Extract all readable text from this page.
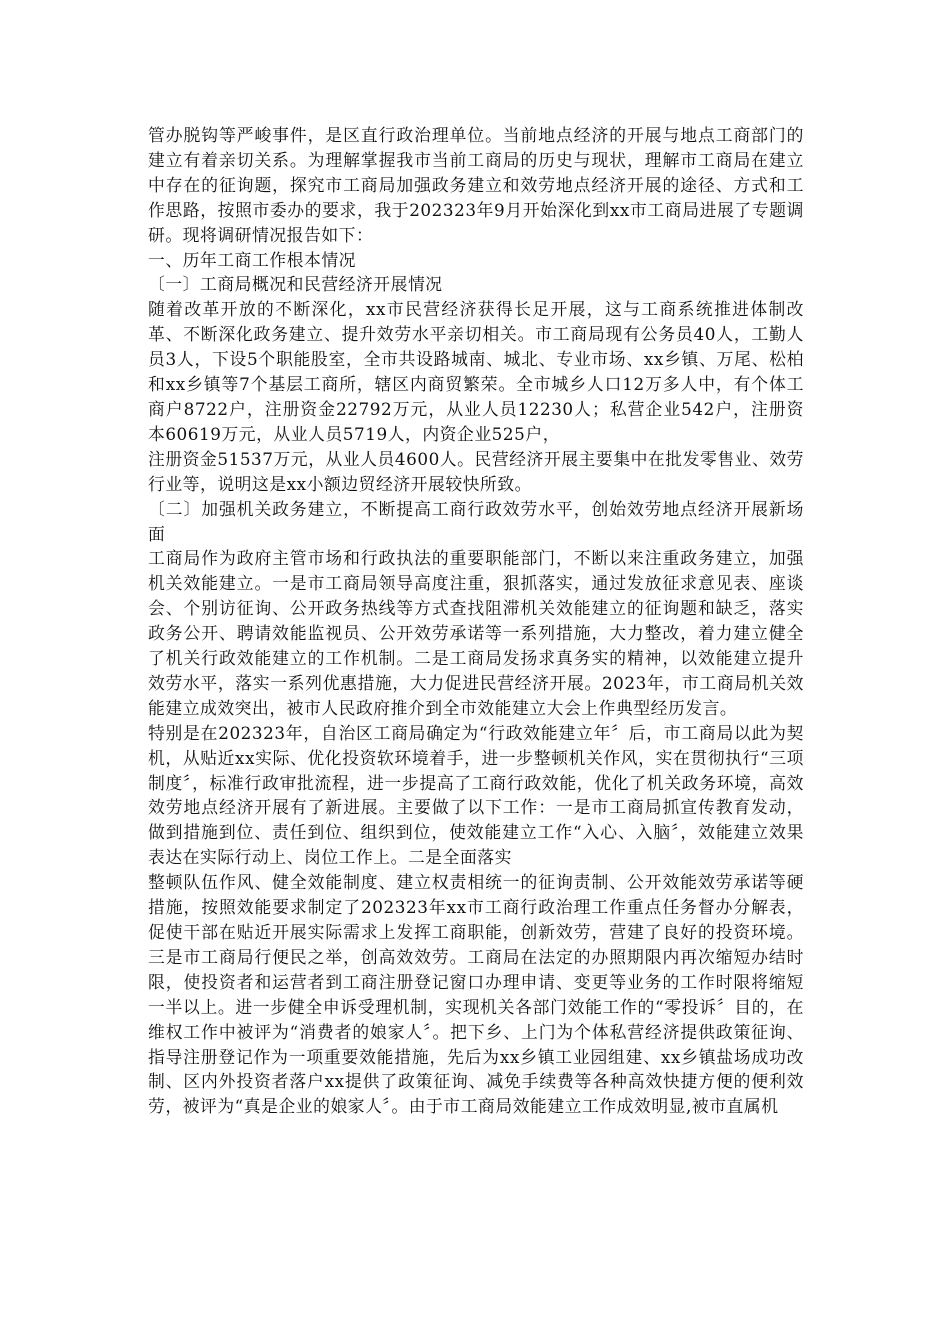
管办脱钩等严峻事件，是区直行政治理单位。当前地点经济的开展与地点工商部门的建立有着亲切关系。为理解掌握我市当前工商局的历史与现状，理解市工商局在建立中存在的征询题，探究市工商局加强政务建立和效劳地点经济开展的途径、方式和工作思路，按照市委办的要求，我于202323年9月开始深化到xx市工商局进展了专题调研。现将调研情况报告如下：

一、历年工商工作根本情况

〔一〕工商局概况和民营经济开展情况

随着改革开放的不断深化，xx市民营经济获得长足开展，这与工商系统推进体制改革、不断深化政务建立、提升效劳水平亲切相关。市工商局现有公务员40人，工勤人员3人，下设5个职能股室，全市共设路城南、城北、专业市场、xx乡镇、万尾、松柏和xx乡镇等7个基层工商所，辖区内商贸繁荣。全市城乡人口12万多人中，有个体工商户8722户，注册资金22792万元，从业人员12230人；私营企业542户，注册资本60619万元，从业人员5719人，内资企业525户，

注册资金51537万元，从业人员4600人。民营经济开展主要集中在批发零售业、效劳行业等，说明这是xx小额边贸经济开展较快所致。

〔二〕加强机关政务建立，不断提高工商行政效劳水平，创始效劳地点经济开展新场面

工商局作为政府主管市场和行政执法的重要职能部门，不断以来注重政务建立，加强机关效能建立。一是市工商局领导高度注重，狠抓落实，通过发放征求意见表、座谈会、个别访征询、公开政务热线等方式查找阻滞机关效能建立的征询题和缺乏，落实政务公开、聘请效能监视员、公开效劳承诺等一系列措施，大力整改，着力建立健全了机关行政效能建立的工作机制。二是工商局发扬求真务实的精神，以效能建立提升效劳水平，落实一系列优惠措施，大力促进民营经济开展。2023年，市工商局机关效能建立成效突出，被市人民政府推介到全市效能建立大会上作典型经历发言。

特别是在202323年，自治区工商局确定为“行政效能建立年〞后，市工商局以此为契机，从贴近xx实际、优化投资软环境着手，进一步整顿机关作风，实在贯彻执行“三项制度〞，标准行政审批流程，进一步提高了工商行政效能，优化了机关政务环境，高效效劳地点经济开展有了新进展。主要做了以下工作：一是市工商局抓宣传教育发动，做到措施到位、责任到位、组织到位，使效能建立工作“入心、入脑〞，效能建立效果表达在实际行动上、岗位工作上。二是全面落实

整顿队伍作风、健全效能制度、建立权责相统一的征询责制、公开效能效劳承诺等硬措施，按照效能要求制定了202323年xx市工商行政治理工作重点任务督办分解表，促使干部在贴近开展实际需求上发挥工商职能，创新效劳，营建了良好的投资环境。三是市工商局行便民之举，创高效效劳。工商局在法定的办照期限内再次缩短办结时限，使投资者和运营者到工商注册登记窗口办理申请、变更等业务的工作时限将缩短一半以上。进一步健全申诉受理机制，实现机关各部门效能工作的“零投诉〞目的，在维权工作中被评为“消费者的娘家人〞。把下乡、上门为个体私营经济提供政策征询、指导注册登记作为一项重要效能措施，先后为xx乡镇工业园组建、xx乡镇盐场成功改制、区内外投资者落户xx提供了政策征询、减免手续费等各种高效快捷方便的便利效劳，被评为“真是企业的娘家人〞。由于市工商局效能建立工作成效明显,被市直属机
